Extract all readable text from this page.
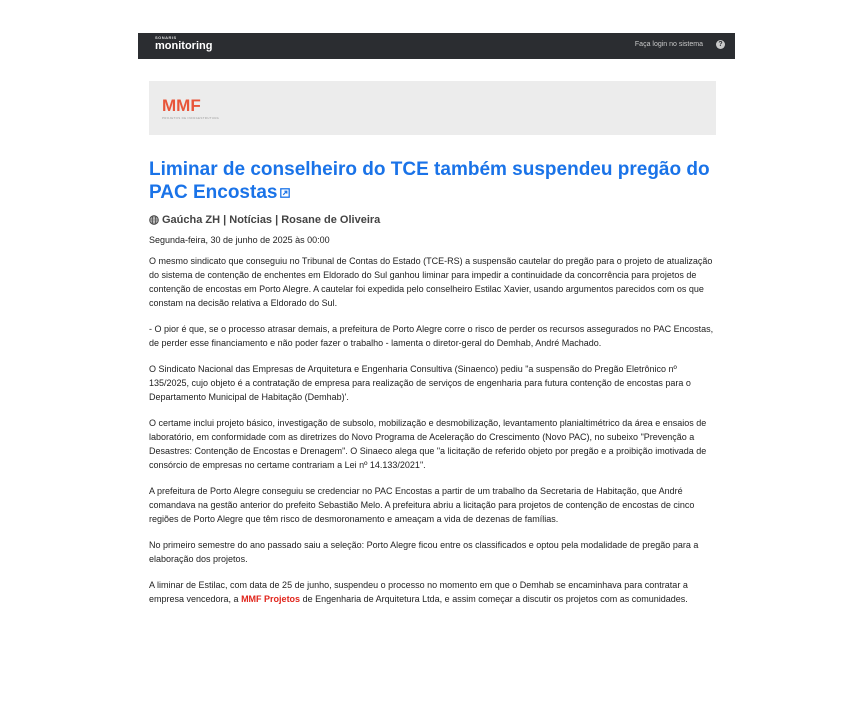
SONARIS
monitoring	Faça login no sistema	?
MMF
PROJETOS DE INFRAESTRUTURA
Liminar de conselheiro do TCE também suspendeu pregão do PAC Encostas
Gaúcha ZH | Notícias | Rosane de Oliveira
Segunda-feira, 30 de junho de 2025 às 00:00

O mesmo sindicato que conseguiu no Tribunal de Contas do Estado (TCE-RS) a suspensão cautelar do pregão para o projeto de atualização do sistema de contenção de enchentes em Eldorado do Sul ganhou liminar para impedir a continuidade da concorrência para projetos de contenção de encostas em Porto Alegre. A cautelar foi expedida pelo conselheiro Estilac Xavier, usando argumentos parecidos com os que constam na decisão relativa a Eldorado do Sul.

- O pior é que, se o processo atrasar demais, a prefeitura de Porto Alegre corre o risco de perder os recursos assegurados no PAC Encostas, de perder esse financiamento e não poder fazer o trabalho - lamenta o diretor-geral do Demhab, André Machado.

O Sindicato Nacional das Empresas de Arquitetura e Engenharia Consultiva (Sinaenco) pediu "a suspensão do Pregão Eletrônico nº 135/2025, cujo objeto é a contratação de empresa para realização de serviços de engenharia para futura contenção de encostas para o Departamento Municipal de Habitação (Demhab)'.

O certame inclui projeto básico, investigação de subsolo, mobilização e desmobilização, levantamento planialtimétrico da área e ensaios de laboratório, em conformidade com as diretrizes do Novo Programa de Aceleração do Crescimento (Novo PAC), no subeixo "Prevenção a Desastres: Contenção de Encostas e Drenagem". O Sinaeco alega que "a licitação de referido objeto por pregão e a proibição imotivada de consórcio de empresas no certame contrariam a Lei nº 14.133/2021".

A prefeitura de Porto Alegre conseguiu se credenciar no PAC Encostas a partir de um trabalho da Secretaria de Habitação, que André comandava na gestão anterior do prefeito Sebastião Melo. A prefeitura abriu a licitação para projetos de contenção de encostas de cinco regiões de Porto Alegre que têm risco de desmoronamento e ameaçam a vida de dezenas de famílias.

No primeiro semestre do ano passado saiu a seleção: Porto Alegre ficou entre os classificados e optou pela modalidade de pregão para a elaboração dos projetos.

A liminar de Estilac, com data de 25 de junho, suspendeu o processo no momento em que o Demhab se encaminhava para contratar a empresa vencedora, a MMF Projetos de Engenharia de Arquitetura Ltda, e assim começar a discutir os projetos com as comunidades.
